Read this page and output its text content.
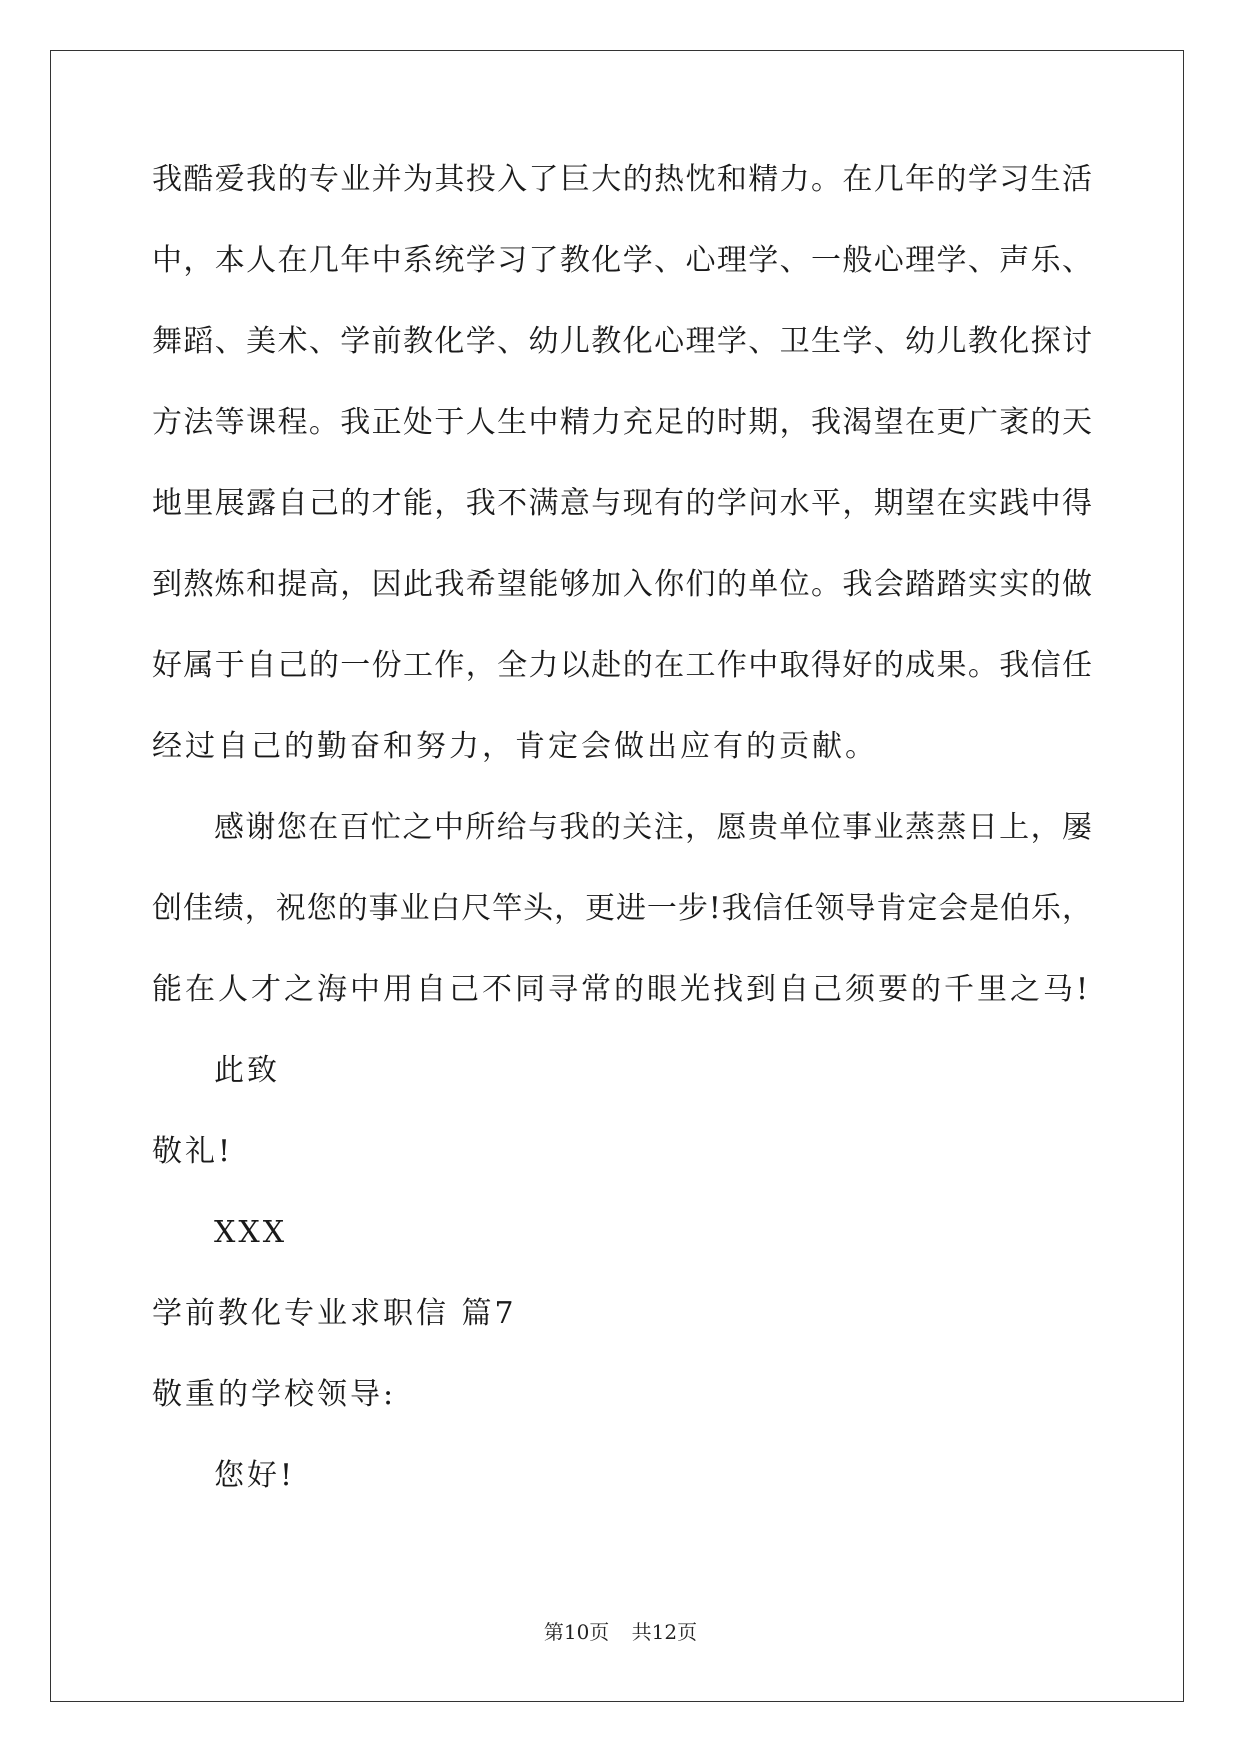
我酷爱我的专业并为其投入了巨大的热忱和精力。在几年的学习生活
中，本人在几年中系统学习了教化学、心理学、一般心理学、声乐、
舞蹈、美术、学前教化学、幼儿教化心理学、卫生学、幼儿教化探讨
方法等课程。我正处于人生中精力充足的时期，我渴望在更广袤的天
地里展露自己的才能，我不满意与现有的学问水平，期望在实践中得
到熬炼和提高，因此我希望能够加入你们的单位。我会踏踏实实的做
好属于自己的一份工作，全力以赴的在工作中取得好的成果。我信任
经过自己的勤奋和努力，肯定会做出应有的贡献。
感谢您在百忙之中所给与我的关注，愿贵单位事业蒸蒸日上，屡
创佳绩，祝您的事业白尺竿头，更进一步!我信任领导肯定会是伯乐，
能在人才之海中用自己不同寻常的眼光找到自己须要的千里之马!
此致
敬礼!
XXX
学前教化专业求职信 篇7
敬重的学校领导:
您好!
第10页 共12页
